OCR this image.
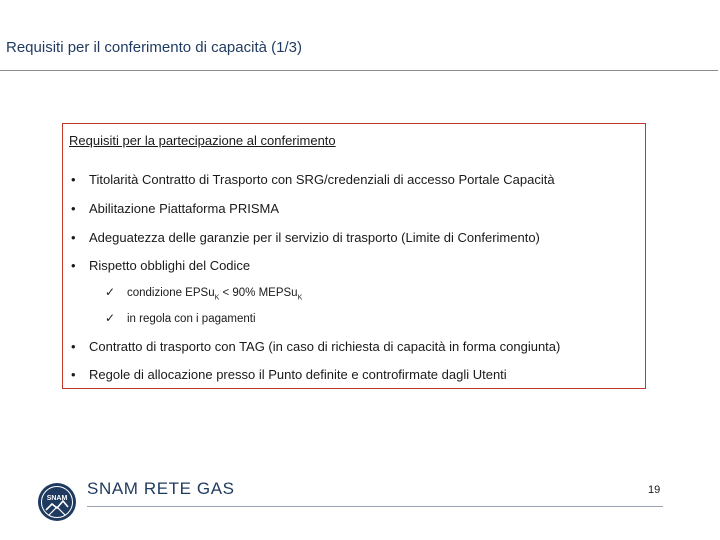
Requisiti per il conferimento di capacità (1/3)
Requisiti per la partecipazione al conferimento
• Titolarità Contratto di Trasporto con SRG/credenziali di accesso Portale Capacità
• Abilitazione Piattaforma PRISMA
• Adeguatezza delle garanzie per il servizio di trasporto (Limite di Conferimento)
• Rispetto obblighi del Codice
✓ condizione EPSu$_K$ < 90% MEPSu$_K$
✓ in regola con i pagamenti
• Contratto di trasporto con TAG (in caso di richiesta di capacità in forma congiunta)
• Regole di allocazione presso il Punto definite e controfirmate dagli Utenti
SNAM
SNAM RETE GAS	19
